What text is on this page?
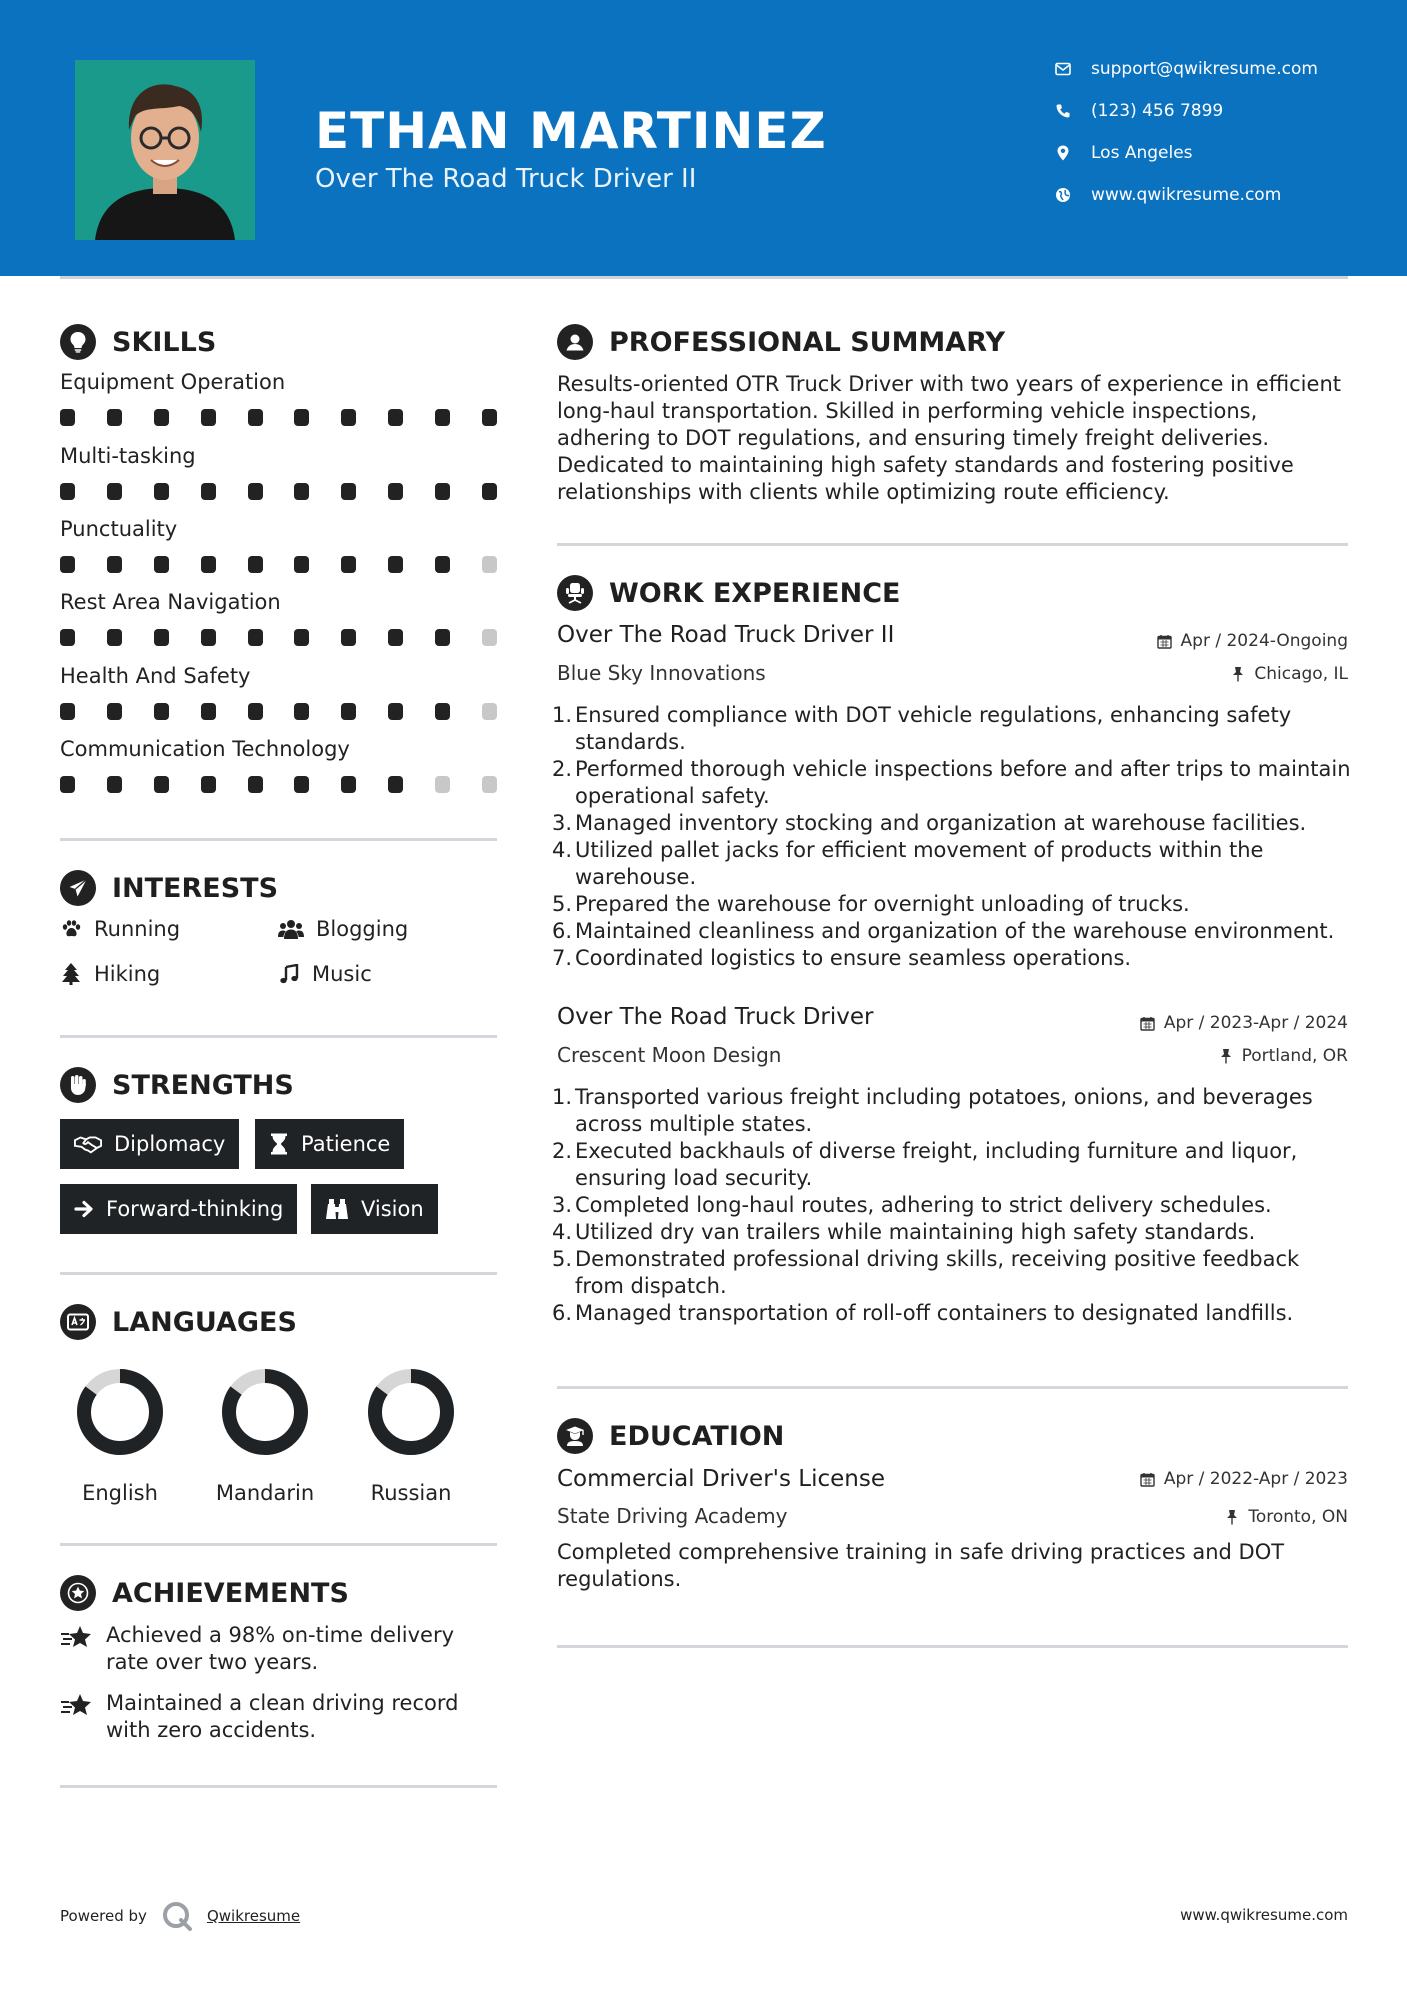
ETHAN MARTINEZ
Over The Road Truck Driver II
support@qwikresume.com
(123) 456 7899
Los Angeles
www.qwikresume.com
SKILLS
Equipment Operation
Multi-tasking
Punctuality
Rest Area Navigation
Health And Safety
Communication Technology
INTERESTS
Running	Blogging
Hiking	Music
STRENGTHS
Diplomacy	Patience
Forward-thinking	Vision
LANGUAGES
English	Mandarin	Russian
ACHIEVEMENTS
Achieved a 98% on-time delivery rate over two years.
Maintained a clean driving record with zero accidents.
PROFESSIONAL SUMMARY
Results-oriented OTR Truck Driver with two years of experience in efficient long-haul transportation. Skilled in performing vehicle inspections, adhering to DOT regulations, and ensuring timely freight deliveries. Dedicated to maintaining high safety standards and fostering positive relationships with clients while optimizing route efficiency.
WORK EXPERIENCE
Over The Road Truck Driver II	Apr / 2024-Ongoing
Blue Sky Innovations	Chicago, IL
1. Ensured compliance with DOT vehicle regulations, enhancing safety standards.
2. Performed thorough vehicle inspections before and after trips to maintain operational safety.
3. Managed inventory stocking and organization at warehouse facilities.
4. Utilized pallet jacks for efficient movement of products within the warehouse.
5. Prepared the warehouse for overnight unloading of trucks.
6. Maintained cleanliness and organization of the warehouse environment.
7. Coordinated logistics to ensure seamless operations.
Over The Road Truck Driver	Apr / 2023-Apr / 2024
Crescent Moon Design	Portland, OR
1. Transported various freight including potatoes, onions, and beverages across multiple states.
2. Executed backhauls of diverse freight, including furniture and liquor, ensuring load security.
3. Completed long-haul routes, adhering to strict delivery schedules.
4. Utilized dry van trailers while maintaining high safety standards.
5. Demonstrated professional driving skills, receiving positive feedback from dispatch.
6. Managed transportation of roll-off containers to designated landfills.
EDUCATION
Commercial Driver's License	Apr / 2022-Apr / 2023
State Driving Academy	Toronto, ON
Completed comprehensive training in safe driving practices and DOT regulations.
Powered by	Qwikresume	www.qwikresume.com
